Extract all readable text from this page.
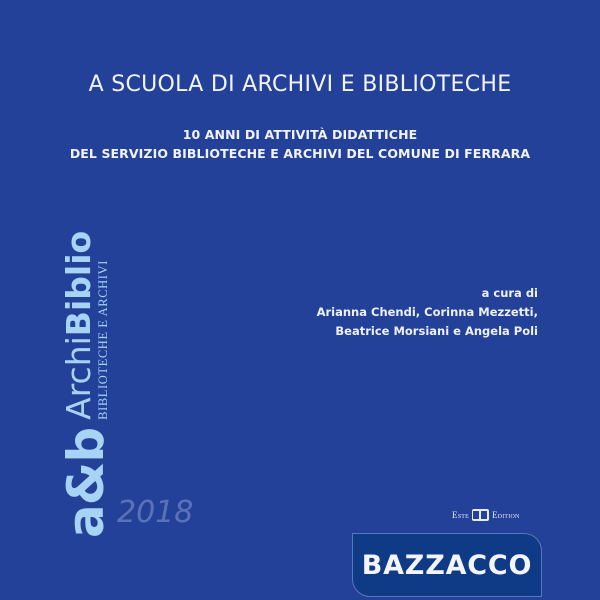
A SCUOLA DI ARCHIVI E BIBLIOTECHE
10 ANNI DI ATTIVITÀ DIDATTICHE
DEL SERVIZIO BIBLIOTECHE E ARCHIVI DEL COMUNE DI FERRARA
a cura di
Arianna Chendi, Corinna Mezzetti,
Beatrice Morsiani e Angela Poli
a&b
ArchiBiblio
BIBLIOTECHE E ARCHIVI
2018	Este	Edition
BAZZACCO
